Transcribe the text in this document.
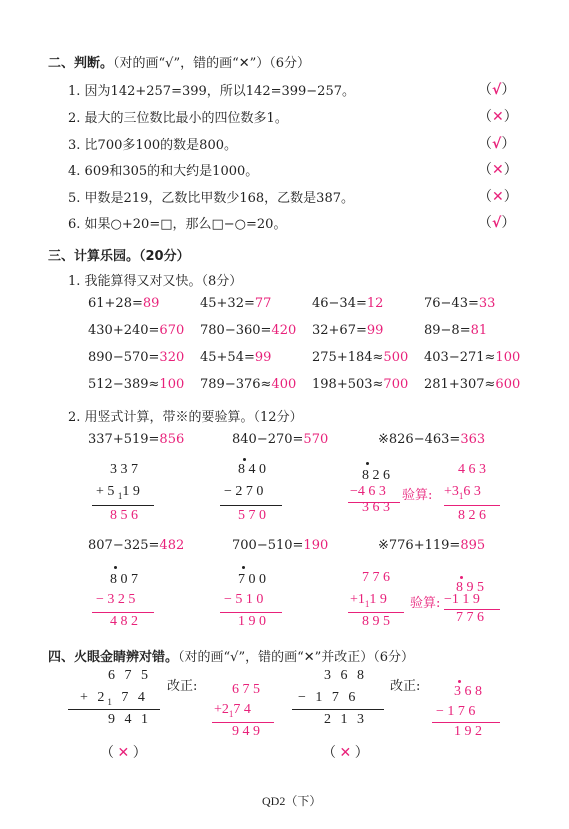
二、判断。（对的画“√”，错的画“✕”）（6分）
1. 因为142+257=399，所以142=399−257。	（√）
2. 最大的三位数比最小的四位数多1。	（✕）
3. 比700多100的数是800。	（√）
4. 609和305的和大约是1000。	（✕）
5. 甲数是219，乙数比甲数少168，乙数是387。	（✕）
6. 如果○+20=□，那么□−○=20。	（√）
三、计算乐园。（20分）
1. 我能算得又对又快。（8分）
61+28=89	45+32=77	46−34=12	76−43=33
430+240=670 780−360=420 32+67=99	89−8=81
890−570=320 45+54=99	275+184≈500 403−271≈100
512−389≈100 789−376≈400 198+503≈700 281+307≈600
2. 用竖式计算，带※的要验算。（12分）
337+519=856	840−270=570	※826−463=363
807−325=482	700−510=190	※776+119=895
3 3 7
+ 5 $_1$1 9
8 5 6
8 4 0
− 2 7 0
5 7 0
8 2 6
−4 6 3
3 6 3
验算:
4 6 3
$+3_16$ 3
8 2 6
8 0 7
− 3 2 5
4 8 2
7 0 0
− 5 1 0
1 9 0
7 7 6
$+1_11$ 9
8 9 5
验算:
8 9 5
−1 1 9
7 7 6
四、火眼金睛辨对错。（对的画“√”，错的画“✕”并改正）（6分）
6 7 5
+ $2_1$ 7 4
9 4 1
改正: 6 7 5
$+2_17$ 4
9 4 9
（ ✕ ）
3 6 8
− 1 7 6
2 1 3
改正: 3 6 8
− 1 7 6
1 9 2
（ ✕ ）
QD2（下）
